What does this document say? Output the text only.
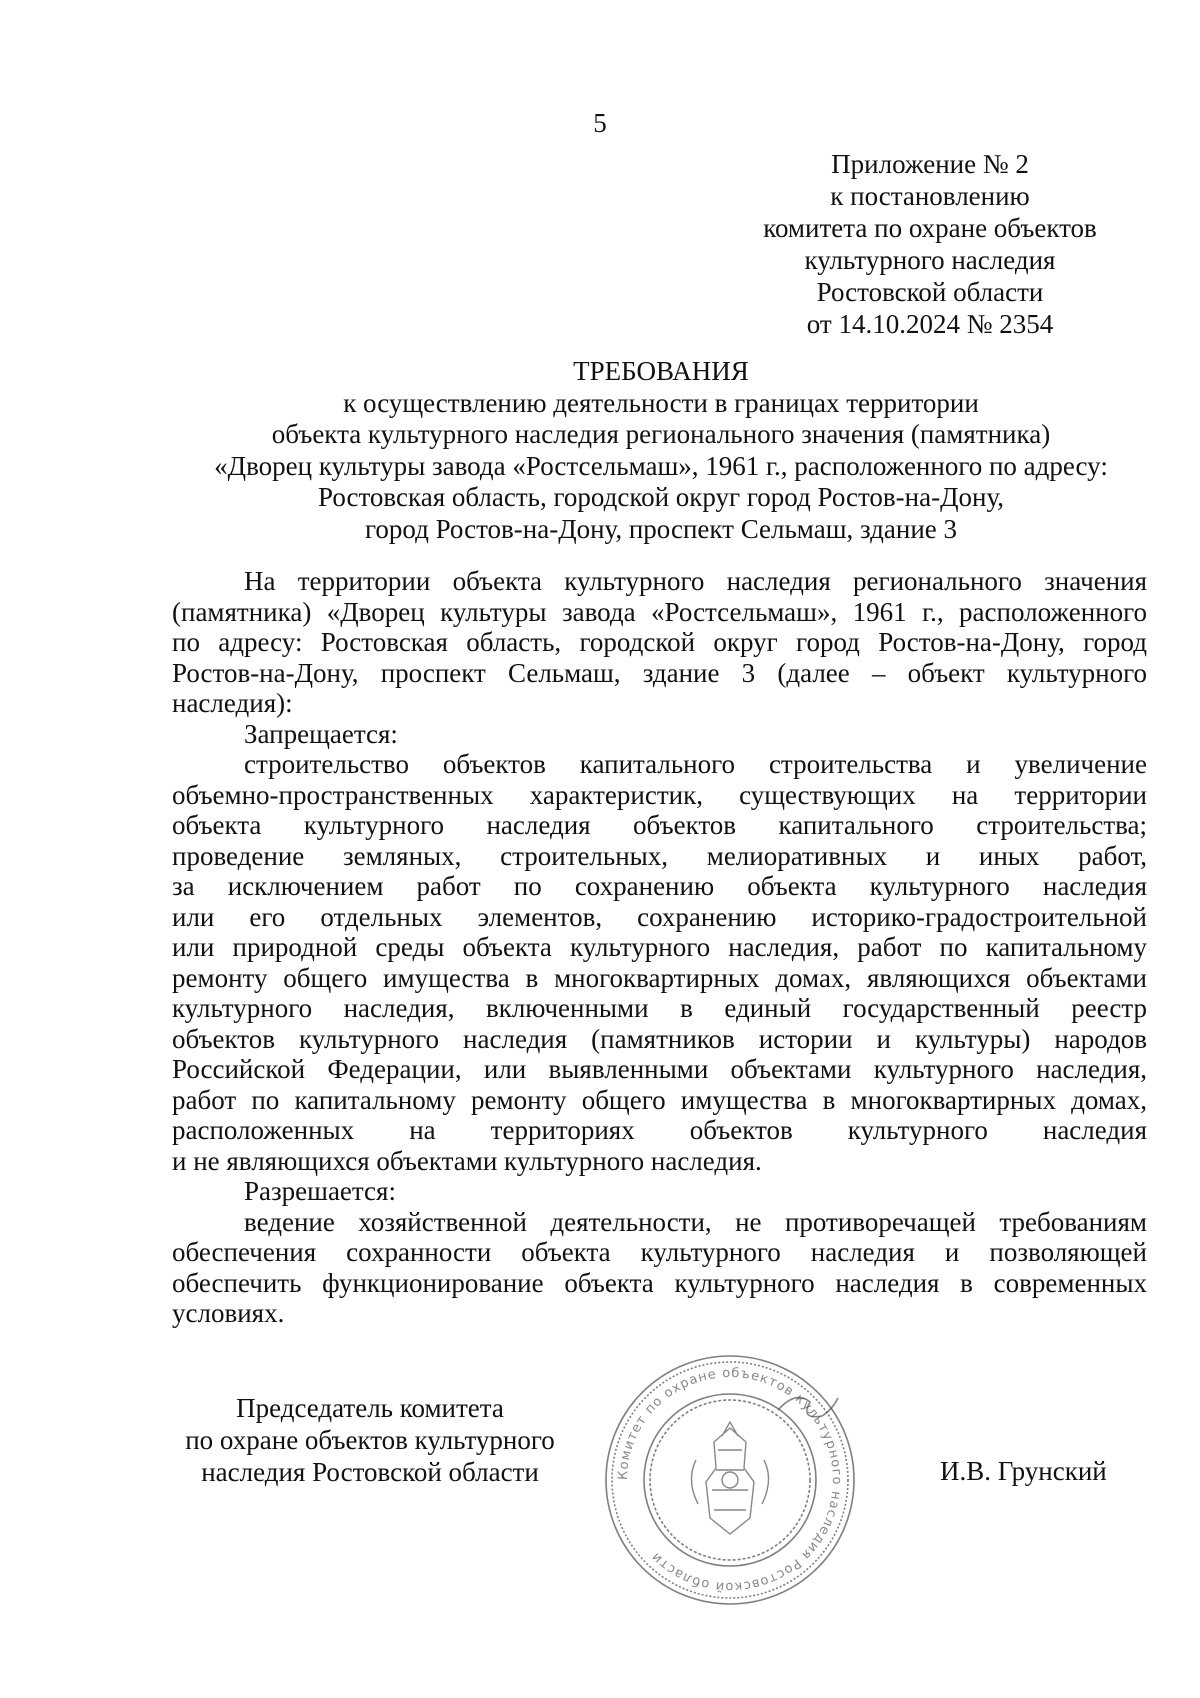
5
Приложение № 2
к постановлению
комитета по охране объектов
культурного наследия
Ростовской области
от 14.10.2024 № 2354
ТРЕБОВАНИЯ
к осуществлению деятельности в границах территории
объекта культурного наследия регионального значения (памятника)
«Дворец культуры завода «Ростсельмаш», 1961 г., расположенного по адресу:
Ростовская область, городской округ город Ростов-на-Дону,
город Ростов-на-Дону, проспект Сельмаш, здание 3
На территории объекта культурного наследия регионального значения
(памятника) «Дворец культуры завода «Ростсельмаш», 1961 г., расположенного
по адресу: Ростовская область, городской округ город Ростов-на-Дону, город
Ростов-на-Дону, проспект Сельмаш, здание 3 (далее – объект культурного
наследия):
Запрещается:
строительство объектов капитального строительства и увеличение
объемно-пространственных характеристик, существующих на территории
объекта культурного наследия объектов капитального строительства;
проведение земляных, строительных, мелиоративных и иных работ,
за исключением работ по сохранению объекта культурного наследия
или его отдельных элементов, сохранению историко-градостроительной
или природной среды объекта культурного наследия, работ по капитальному
ремонту общего имущества в многоквартирных домах, являющихся объектами
культурного наследия, включенными в единый государственный реестр
объектов культурного наследия (памятников истории и культуры) народов
Российской Федерации, или выявленными объектами культурного наследия,
работ по капитальному ремонту общего имущества в многоквартирных домах,
расположенных на территориях объектов культурного наследия
и не являющихся объектами культурного наследия.
Разрешается:
ведение хозяйственной деятельности, не противоречащей требованиям
обеспечения сохранности объекта культурного наследия и позволяющей
обеспечить функционирование объекта культурного наследия в современных
условиях.
Председатель комитета
по охране объектов культурного
наследия Ростовской области	Комитет по охране объектов культурного наследия Ростовской области
И.В. Грунский
